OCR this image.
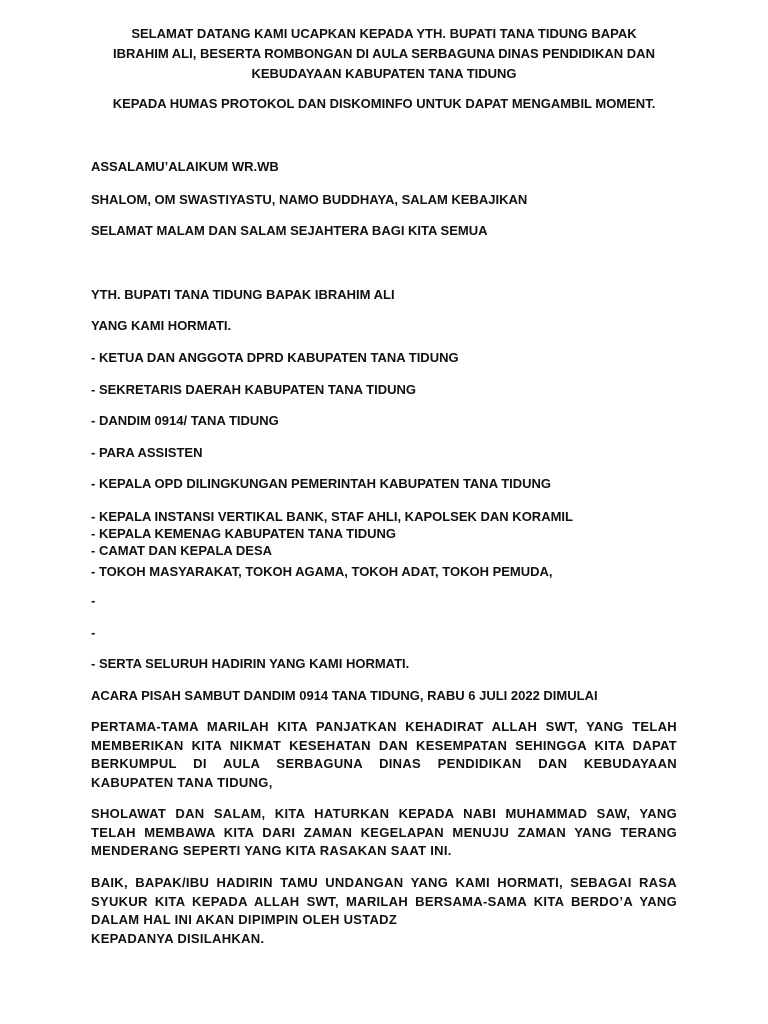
SELAMAT DATANG KAMI UCAPKAN KEPADA YTH. BUPATI TANA TIDUNG BAPAK
IBRAHIM ALI, BESERTA ROMBONGAN DI AULA SERBAGUNA DINAS PENDIDIKAN DAN
KEBUDAYAAN KABUPATEN TANA TIDUNG
KEPADA HUMAS PROTOKOL DAN DISKOMINFO UNTUK DAPAT MENGAMBIL MOMENT.
ASSALAMU’ALAIKUM WR.WB
SHALOM, OM SWASTIYASTU, NAMO BUDDHAYA, SALAM KEBAJIKAN
SELAMAT MALAM DAN SALAM SEJAHTERA BAGI KITA SEMUA
YTH. BUPATI TANA TIDUNG BAPAK IBRAHIM ALI
YANG KAMI HORMATI.
- KETUA DAN ANGGOTA DPRD KABUPATEN TANA TIDUNG
- SEKRETARIS DAERAH KABUPATEN TANA TIDUNG
- DANDIM 0914/ TANA TIDUNG
- PARA ASSISTEN
- KEPALA OPD DILINGKUNGAN PEMERINTAH KABUPATEN TANA TIDUNG
- KEPALA INSTANSI VERTIKAL BANK, STAF AHLI, KAPOLSEK DAN KORAMIL
- KEPALA KEMENAG KABUPATEN TANA TIDUNG
- CAMAT DAN KEPALA DESA
- TOKOH MASYARAKAT, TOKOH AGAMA, TOKOH ADAT, TOKOH PEMUDA,
-
-
- SERTA SELURUH HADIRIN YANG KAMI HORMATI.
ACARA PISAH SAMBUT DANDIM 0914 TANA TIDUNG, RABU 6 JULI 2022 DIMULAI

PERTAMA-TAMA MARILAH KITA PANJATKAN KEHADIRAT ALLAH SWT, YANG TELAH

MEMBERIKAN KITA NIKMAT KESEHATAN DAN KESEMPATAN SEHINGGA KITA DAPAT

BERKUMPUL DI AULA SERBAGUNA DINAS PENDIDIKAN DAN KEBUDAYAAN

KABUPATEN TANA TIDUNG,

SHOLAWAT DAN SALAM, KITA HATURKAN KEPADA NABI MUHAMMAD SAW, YANG

TELAH MEMBAWA KITA DARI ZAMAN KEGELAPAN MENUJU ZAMAN YANG TERANG

MENDERANG SEPERTI YANG KITA RASAKAN SAAT INI.

BAIK, BAPAK/IBU HADIRIN TAMU UNDANGAN YANG KAMI HORMATI, SEBAGAI RASA

SYUKUR KITA KEPADA ALLAH SWT, MARILAH BERSAMA-SAMA KITA BERDO’A YANG

DALAM HAL INI AKAN DIPIMPIN OLEH USTADZ

KEPADANYA DISILAHKAN.
